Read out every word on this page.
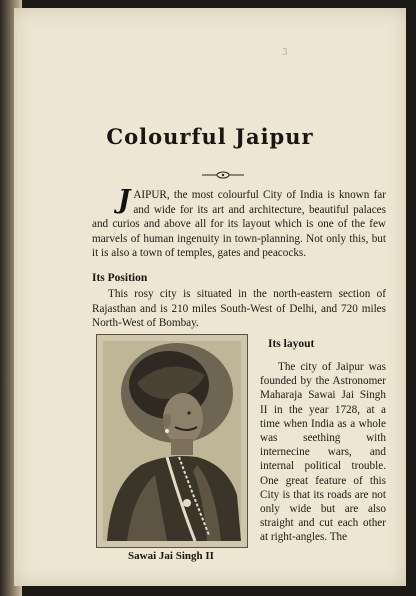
3
Colourful Jaipur
J AIPUR, the most colourful City of India is known far and wide for its art and architecture, beautiful palaces and curios and above all for its layout which is one of the few marvels of human ingenuity in town-planning. Not only this, but it is also a town of temples, gates and peacocks.
Its Position
This rosy city is situated in the north-eastern section of Rajasthan and is 210 miles South-West of Delhi, and 720 miles North-West of Bombay.
Sawai Jai Singh II
Its layout
The city of Jaipur was founded by the Astronomer Maharaja Sawai Jai Singh II in the year 1728, at a time when India as a whole was seething with internecine wars, and internal political trouble. One great feature of this City is that its roads are not only wide but are also straight and cut each other at right-angles. The
